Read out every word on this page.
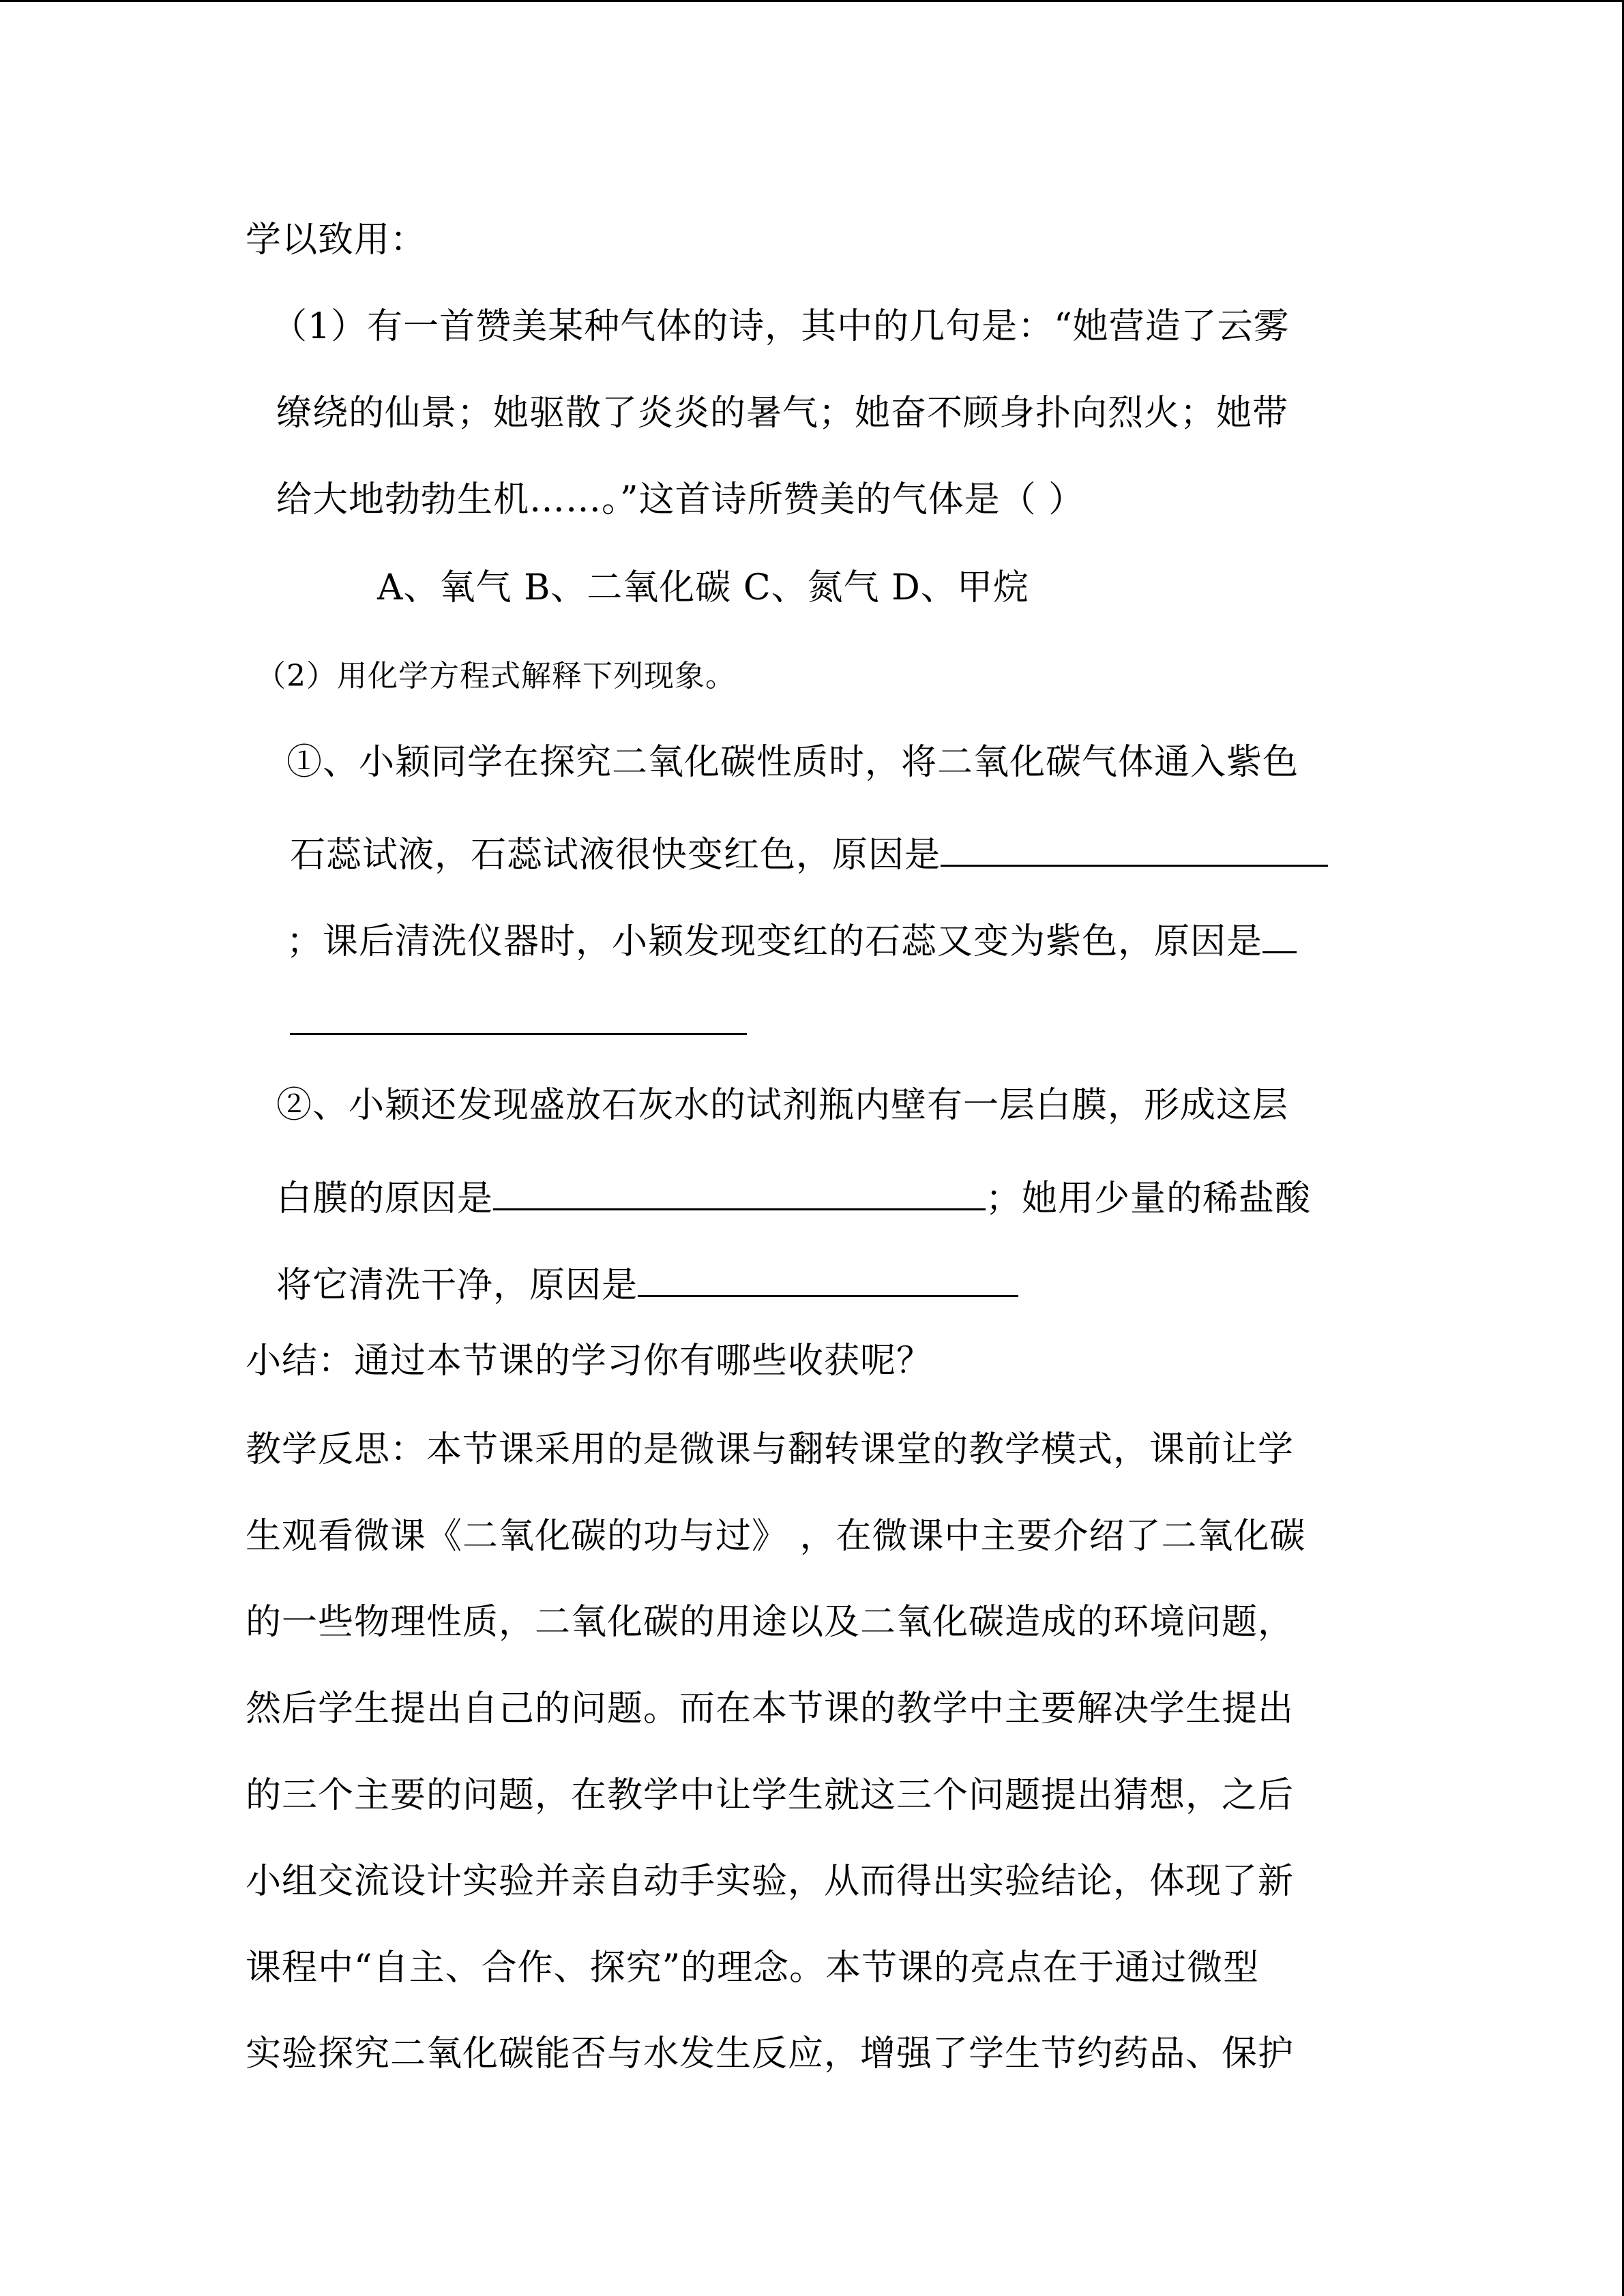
学以致用：
（1）有一首赞美某种气体的诗，其中的几句是：“她营造了云雾
缭绕的仙景；她驱散了炎炎的暑气；她奋不顾身扑向烈火；她带
给大地勃勃生机……。”这首诗所赞美的气体是（ ）
A、氧气 B、二氧化碳 C、氮气 D、甲烷
（2）用化学方程式解释下列现象。
①、小颖同学在探究二氧化碳性质时，将二氧化碳气体通入紫色
石蕊试液，石蕊试液很快变红色，原因是
；课后清洗仪器时，小颖发现变红的石蕊又变为紫色，原因是
②、小颖还发现盛放石灰水的试剂瓶内壁有一层白膜，形成这层
白膜的原因是	；她用少量的稀盐酸
将它清洗干净，原因是
小结：通过本节课的学习你有哪些收获呢？
教学反思：本节课采用的是微课与翻转课堂的教学模式，课前让学
生观看微课《二氧化碳的功与过》 ，在微课中主要介绍了二氧化碳
的一些物理性质，二氧化碳的用途以及二氧化碳造成的环境问题，
然后学生提出自己的问题。而在本节课的教学中主要解决学生提出
的三个主要的问题，在教学中让学生就这三个问题提出猜想，之后
小组交流设计实验并亲自动手实验，从而得出实验结论，体现了新
课程中“自主、合作、探究”的理念。本节课的亮点在于通过微型
实验探究二氧化碳能否与水发生反应，增强了学生节约药品、保护
